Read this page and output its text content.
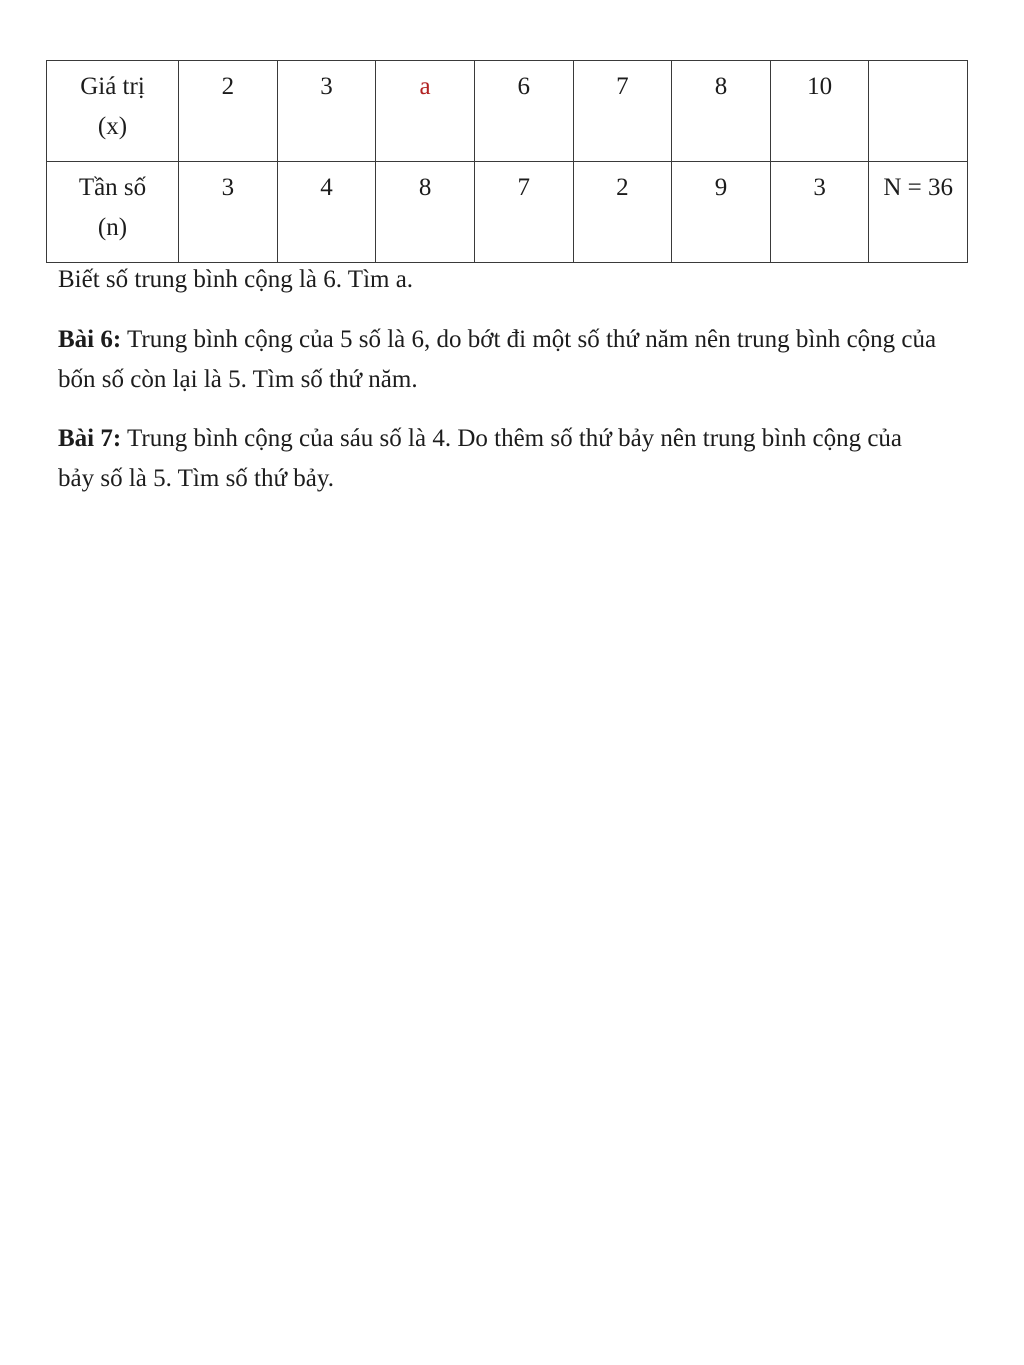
Giá trị
(x)	2	3	a	6	7	8	10	

Tần số
(n)	3	4	8	7	2	9	3	N = 36

Biết số trung bình cộng là 6. Tìm a.

Bài 6: Trung bình cộng của 5 số là 6, do bớt đi một số thứ năm nên trung bình cộng của bốn số còn lại là 5. Tìm số thứ năm.

Bài 7: Trung bình cộng của sáu số là 4. Do thêm số thứ bảy nên trung bình cộng của bảy số là 5. Tìm số thứ bảy.
